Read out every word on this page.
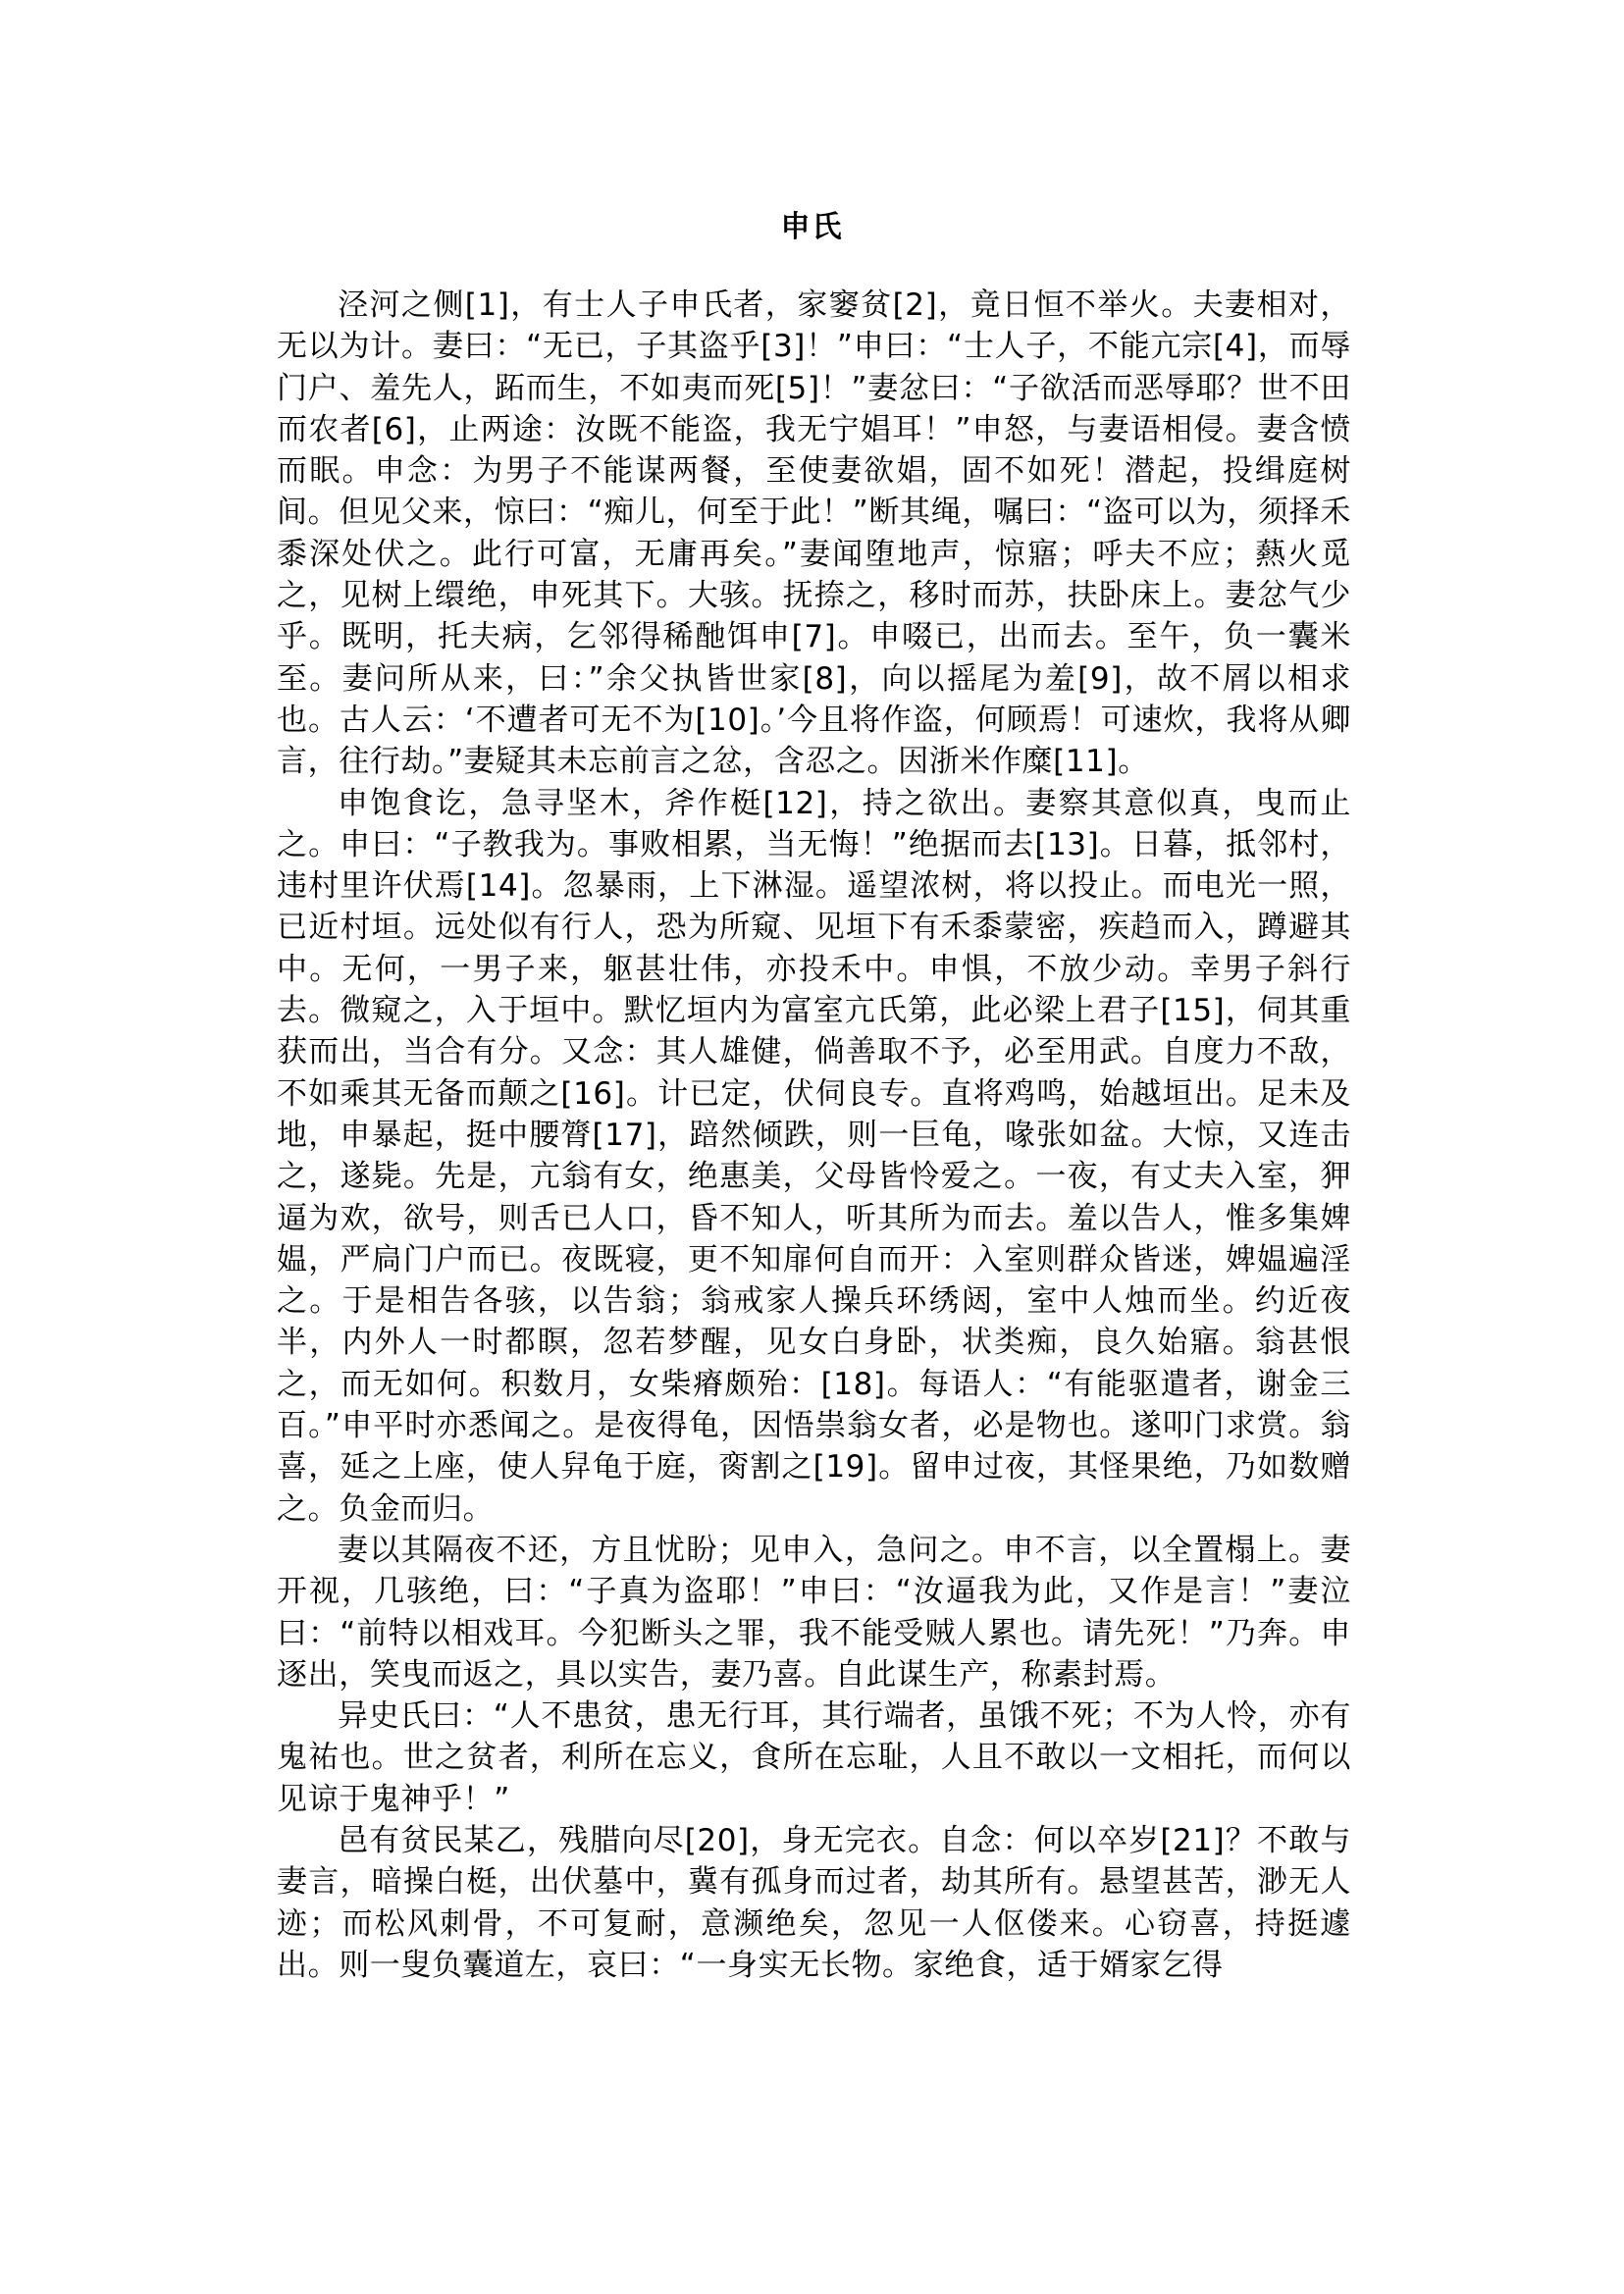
申氏

泾河之侧[1]，有士人子申氏者，家窭贫[2]，竟日恒不举火。夫妻相对，无以为计。妻曰：“无已，子其盗乎[3]！”申曰：“士人子，不能亢宗[4]，而辱门户、羞先人，跖而生，不如夷而死[5]！”妻忿曰：“子欲活而恶辱耶？世不田而农者[6]，止两途：汝既不能盗，我无宁娼耳！”申怒，与妻语相侵。妻含愤而眠。申念：为男子不能谋两餐，至使妻欲娼，固不如死！潜起，投缉庭树间。但见父来，惊曰：“痴儿，何至于此！”断其绳，嘱曰：“盗可以为，须择禾黍深处伏之。此行可富，无庸再矣。”妻闻堕地声，惊寤；呼夫不应；爇火觅之，见树上缳绝，申死其下。大骇。抚捺之，移时而苏，扶卧床上。妻忿气少乎。既明，托夫病，乞邻得稀酏饵申[7]。申啜已，出而去。至午，负一囊米至。妻问所从来，曰：”余父执皆世家[8]，向以摇尾为羞[9]，故不屑以相求也。古人云：‘不遭者可无不为[10]。’今且将作盗，何顾焉！可速炊，我将从卿言，往行劫。”妻疑其未忘前言之忿，含忍之。因浙米作糜[11]。

申饱食讫，急寻坚木，斧作梃[12]，持之欲出。妻察其意似真，曳而止之。申曰：“子教我为。事败相累，当无悔！”绝据而去[13]。日暮，抵邻村，违村里许伏焉[14]。忽暴雨，上下淋湿。遥望浓树，将以投止。而电光一照，已近村垣。远处似有行人，恐为所窥、见垣下有禾黍蒙密，疾趋而入，蹲避其中。无何，一男子来，躯甚壮伟，亦投禾中。申惧，不放少动。幸男子斜行去。微窥之，入于垣中。默忆垣内为富室亢氏第，此必梁上君子[15]，伺其重获而出，当合有分。又念：其人雄健，倘善取不予，必至用武。自度力不敌，不如乘其无备而颠之[16]。计已定，伏伺良专。直将鸡鸣，始越垣出。足未及地，申暴起，挺中腰膂[17]，踣然倾跌，则一巨龟，喙张如盆。大惊，又连击之，遂毙。先是，亢翁有女，绝惠美，父母皆怜爱之。一夜，有丈夫入室，狎逼为欢，欲号，则舌已人口，昏不知人，听其所为而去。羞以告人，惟多集婢媪，严扃门户而已。夜既寝，更不知扉何自而开：入室则群众皆迷，婢媪遍淫之。于是相告各骇，以告翁；翁戒家人操兵环绣闼，室中人烛而坐。约近夜半，内外人一时都瞑，忽若梦醒，见女白身卧，状类痴，良久始寤。翁甚恨之，而无如何。积数月，女柴瘠颇殆：[18]。每语人：“有能驱遣者，谢金三百。”申平时亦悉闻之。是夜得龟，因悟祟翁女者，必是物也。遂叩门求赏。翁喜，延之上座，使人舁龟于庭，脔割之[19]。留申过夜，其怪果绝，乃如数赠之。负金而归。

妻以其隔夜不还，方且忧盼；见申入，急问之。申不言，以全置榻上。妻开视，几骇绝，曰：“子真为盗耶！”申曰：“汝逼我为此，又作是言！”妻泣曰：“前特以相戏耳。今犯断头之罪，我不能受贼人累也。请先死！”乃奔。申逐出，笑曳而返之，具以实告，妻乃喜。自此谋生产，称素封焉。

异史氏曰：“人不患贫，患无行耳，其行端者，虽饿不死；不为人怜，亦有鬼祐也。世之贫者，利所在忘义，食所在忘耻，人且不敢以一文相托，而何以见谅于鬼神乎！”

邑有贫民某乙，残腊向尽[20]，身无完衣。自念：何以卒岁[21]？不敢与妻言，暗操白梃，出伏墓中，冀有孤身而过者，劫其所有。悬望甚苦，渺无人迹；而松风刺骨，不可复耐，意濒绝矣，忽见一人伛偻来。心窃喜，持挺遽出。则一叟负囊道左，哀曰：“一身实无长物。家绝食，适于婿家乞得
